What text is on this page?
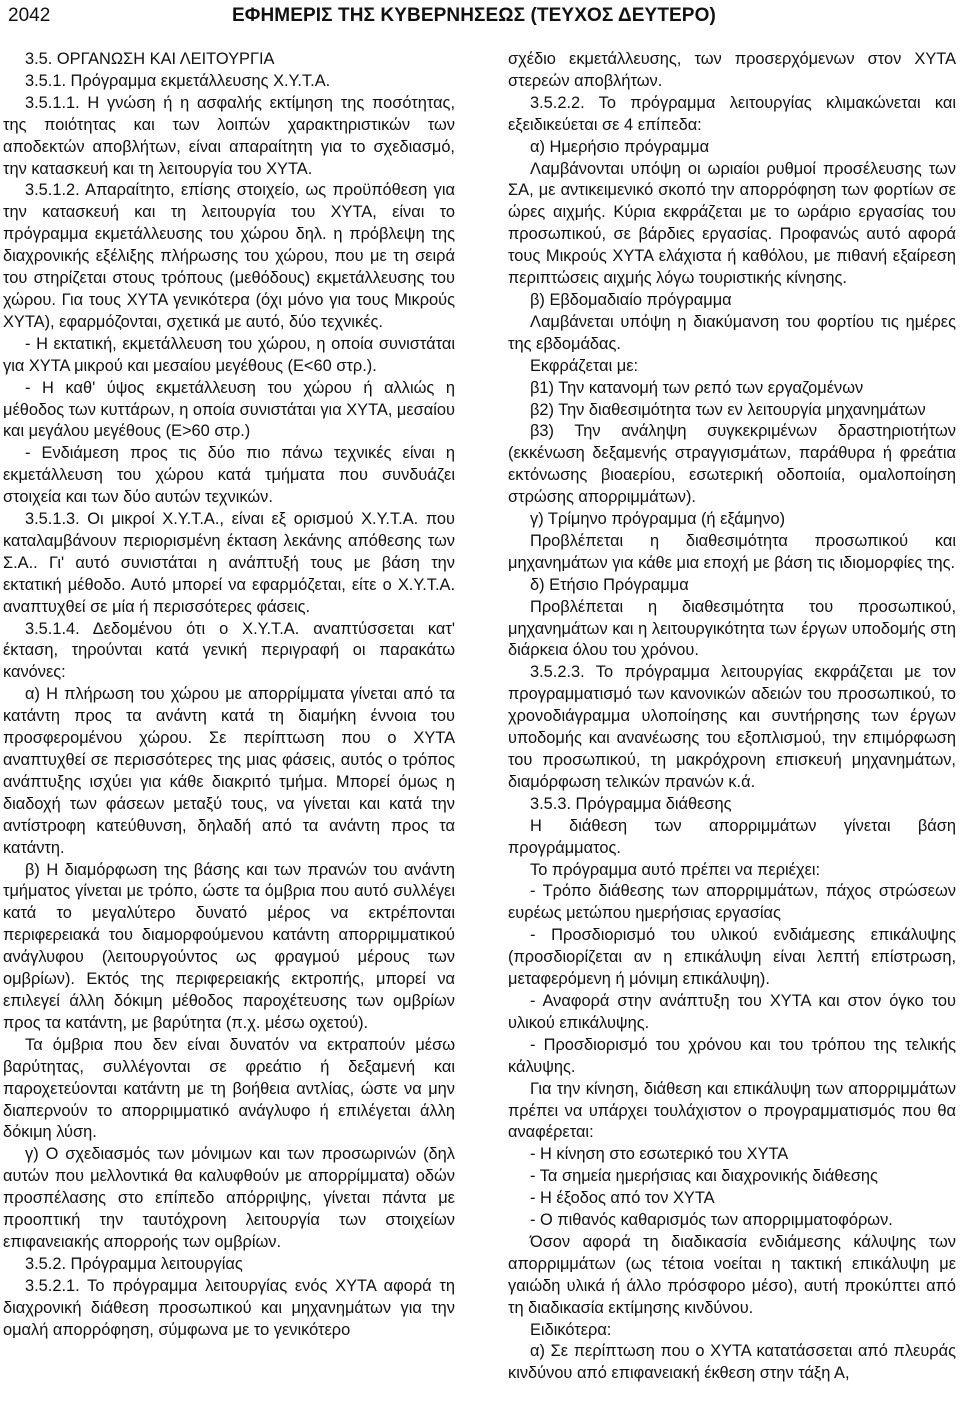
2042	ΕΦΗΜΕΡΙΣ ΤΗΣ ΚΥΒΕΡΝΗΣΕΩΣ (ΤΕΥΧΟΣ ΔΕΥΤΕΡΟ)

3.5. ΟΡΓΑΝΩΣΗ ΚΑΙ ΛΕΙΤΟΥΡΓΙΑ

3.5.1. Πρόγραμμα εκμετάλλευσης Χ.Υ.Τ.Α.

3.5.1.1. Η γνώση ή η ασφαλής εκτίμηση της ποσότητας, της ποιότητας και των λοιπών χαρακτηριστικών των αποδεκτών αποβλήτων, είναι απαραίτητη για το σχεδιασμό, την κατασκευή και τη λειτουργία του ΧΥΤΑ.

3.5.1.2. Απαραίτητο, επίσης στοιχείο, ως προϋπόθεση για την κατασκευή και τη λειτουργία του ΧΥΤΑ, είναι το πρόγραμμα εκμετάλλευσης του χώρου δηλ. η πρόβλεψη της διαχρονικής εξέλιξης πλήρωσης του χώρου, που με τη σειρά του στηρίζεται στους τρόπους (μεθόδους) εκμετάλλευσης του χώρου. Για τους ΧΥΤΑ γενικότερα (όχι μόνο για τους Μικρούς ΧΥΤΑ), εφαρμόζονται, σχετικά με αυτό, δύο τεχνικές.

- Η εκτατική, εκμετάλλευση του χώρου, η οποία συνιστάται για ΧΥΤΑ μικρού και μεσαίου μεγέθους (Ε<60 στρ.).

- Η καθ' ύψος εκμετάλλευση του χώρου ή αλλιώς η μέθοδος των κυττάρων, η οποία συνιστάται για ΧΥΤΑ, μεσαίου και μεγάλου μεγέθους (Ε>60 στρ.)

- Ενδιάμεση προς τις δύο πιο πάνω τεχνικές είναι η εκμετάλλευση του χώρου κατά τμήματα που συνδυάζει στοιχεία και των δύο αυτών τεχνικών.

3.5.1.3. Οι μικροί Χ.Υ.Τ.Α., είναι εξ ορισμού Χ.Υ.Τ.Α. που καταλαμβάνουν περιορισμένη έκταση λεκάνης απόθεσης των Σ.Α.. Γι' αυτό συνιστάται η ανάπτυξή τους με βάση την εκτατική μέθοδο. Αυτό μπορεί να εφαρμόζεται, είτε ο Χ.Υ.Τ.Α. αναπτυχθεί σε μία ή περισσότερες φάσεις.

3.5.1.4. Δεδομένου ότι ο Χ.Υ.Τ.Α. αναπτύσσεται κατ' έκταση, τηρούνται κατά γενική περιγραφή οι παρακάτω κανόνες:

α) Η πλήρωση του χώρου με απορρίμματα γίνεται από τα κατάντη προς τα ανάντη κατά τη διαμήκη έννοια του προσφερομένου χώρου. Σε περίπτωση που ο ΧΥΤΑ αναπτυχθεί σε περισσότερες της μιας φάσεις, αυτός ο τρόπος ανάπτυξης ισχύει για κάθε διακριτό τμήμα. Μπορεί όμως η διαδοχή των φάσεων μεταξύ τους, να γίνεται και κατά την αντίστροφη κατεύθυνση, δηλαδή από τα ανάντη προς τα κατάντη.

β) Η διαμόρφωση της βάσης και των πρανών του ανάντη τμήματος γίνεται με τρόπο, ώστε τα όμβρια που αυτό συλλέγει κατά το μεγαλύτερο δυνατό μέρος να εκτρέπονται περιφερειακά του διαμορφούμενου κατάντη απορριμματικού ανάγλυφου (λειτουργούντος ως φραγμού μέρους των ομβρίων). Εκτός της περιφερειακής εκτροπής, μπορεί να επιλεγεί άλλη δόκιμη μέθοδος παροχέτευσης των ομβρίων προς τα κατάντη, με βαρύτητα (π.χ. μέσω οχετού).

Τα όμβρια που δεν είναι δυνατόν να εκτραπούν μέσω βαρύτητας, συλλέγονται σε φρεάτιο ή δεξαμενή και παροχετεύονται κατάντη με τη βοήθεια αντλίας, ώστε να μην διαπερνούν το απορριμματικό ανάγλυφο ή επιλέγεται άλλη δόκιμη λύση.

γ) Ο σχεδιασμός των μόνιμων και των προσωρινών (δηλ αυτών που μελλοντικά θα καλυφθούν με απορρίμματα) οδών προσπέλασης στο επίπεδο απόρριψης, γίνεται πάντα με προοπτική την ταυτόχρονη λειτουργία των στοιχείων επιφανειακής απορροής των ομβρίων.

3.5.2. Πρόγραμμα λειτουργίας

3.5.2.1. Το πρόγραμμα λειτουργίας ενός ΧΥΤΑ αφορά τη διαχρονική διάθεση προσωπικού και μηχανημάτων για την ομαλή απορρόφηση, σύμφωνα με το γενικότερο

σχέδιο εκμετάλλευσης, των προσερχόμενων στον ΧΥΤΑ στερεών αποβλήτων.

3.5.2.2. Το πρόγραμμα λειτουργίας κλιμακώνεται και εξειδικεύεται σε 4 επίπεδα:

α) Ημερήσιο πρόγραμμα

Λαμβάνονται υπόψη οι ωριαίοι ρυθμοί προσέλευσης των ΣΑ, με αντικειμενικό σκοπό την απορρόφηση των φορτίων σε ώρες αιχμής. Κύρια εκφράζεται με το ωράριο εργασίας του προσωπικού, σε βάρδιες εργασίας. Προφανώς αυτό αφορά τους Μικρούς ΧΥΤΑ ελάχιστα ή καθόλου, με πιθανή εξαίρεση περιπτώσεις αιχμής λόγω τουριστικής κίνησης.

β) Εβδομαδιαίο πρόγραμμα

Λαμβάνεται υπόψη η διακύμανση του φορτίου τις ημέρες της εβδομάδας.

Εκφράζεται με:

β1) Την κατανομή των ρεπό των εργαζομένων

β2) Την διαθεσιμότητα των εν λειτουργία μηχανημάτων

β3) Την ανάληψη συγκεκριμένων δραστηριοτήτων (εκκένωση δεξαμενής στραγγισμάτων, παράθυρα ή φρεάτια εκτόνωσης βιοαερίου, εσωτερική οδοποιία, ομαλοποίηση στρώσης απορριμμάτων).

γ) Τρίμηνο πρόγραμμα (ή εξάμηνο)

Προβλέπεται η διαθεσιμότητα προσωπικού και μηχανημάτων για κάθε μια εποχή με βάση τις ιδιομορφίες της.

δ) Ετήσιο Πρόγραμμα

Προβλέπεται η διαθεσιμότητα του προσωπικού, μηχανημάτων και η λειτουργικότητα των έργων υποδομής στη διάρκεια όλου του χρόνου.

3.5.2.3. Το πρόγραμμα λειτουργίας εκφράζεται με τον προγραμματισμό των κανονικών αδειών του προσωπικού, το χρονοδιάγραμμα υλοποίησης και συντήρησης των έργων υποδομής και ανανέωσης του εξοπλισμού, την επιμόρφωση του προσωπικού, τη μακρόχρονη επισκευή μηχανημάτων, διαμόρφωση τελικών πρανών κ.ά.

3.5.3. Πρόγραμμα διάθεσης

Η διάθεση των απορριμμάτων γίνεται βάση προγράμματος.

Το πρόγραμμα αυτό πρέπει να περιέχει:

- Τρόπο διάθεσης των απορριμμάτων, πάχος στρώσεων ευρέως μετώπου ημερήσιας εργασίας

- Προσδιορισμό του υλικού ενδιάμεσης επικάλυψης (προσδιορίζεται αν η επικάλυψη είναι λεπτή επίστρωση, μεταφερόμενη ή μόνιμη επικάλυψη).

- Αναφορά στην ανάπτυξη του ΧΥΤΑ και στον όγκο του υλικού επικάλυψης.

- Προσδιορισμό του χρόνου και του τρόπου της τελικής κάλυψης.

Για την κίνηση, διάθεση και επικάλυψη των απορριμμάτων πρέπει να υπάρχει τουλάχιστον ο προγραμματισμός που θα αναφέρεται:

- Η κίνηση στο εσωτερικό του ΧΥΤΑ

- Τα σημεία ημερήσιας και διαχρονικής διάθεσης

- Η έξοδος από τον ΧΥΤΑ

- Ο πιθανός καθαρισμός των απορριμματοφόρων.

Όσον αφορά τη διαδικασία ενδιάμεσης κάλυψης των απορριμμάτων (ως τέτοια νοείται η τακτική επικάλυψη με γαιώδη υλικά ή άλλο πρόσφορο μέσο), αυτή προκύπτει από τη διαδικασία εκτίμησης κινδύνου.

Ειδικότερα:

α) Σε περίπτωση που ο ΧΥΤΑ κατατάσσεται από πλευράς κινδύνου από επιφανειακή έκθεση στην τάξη Α,
